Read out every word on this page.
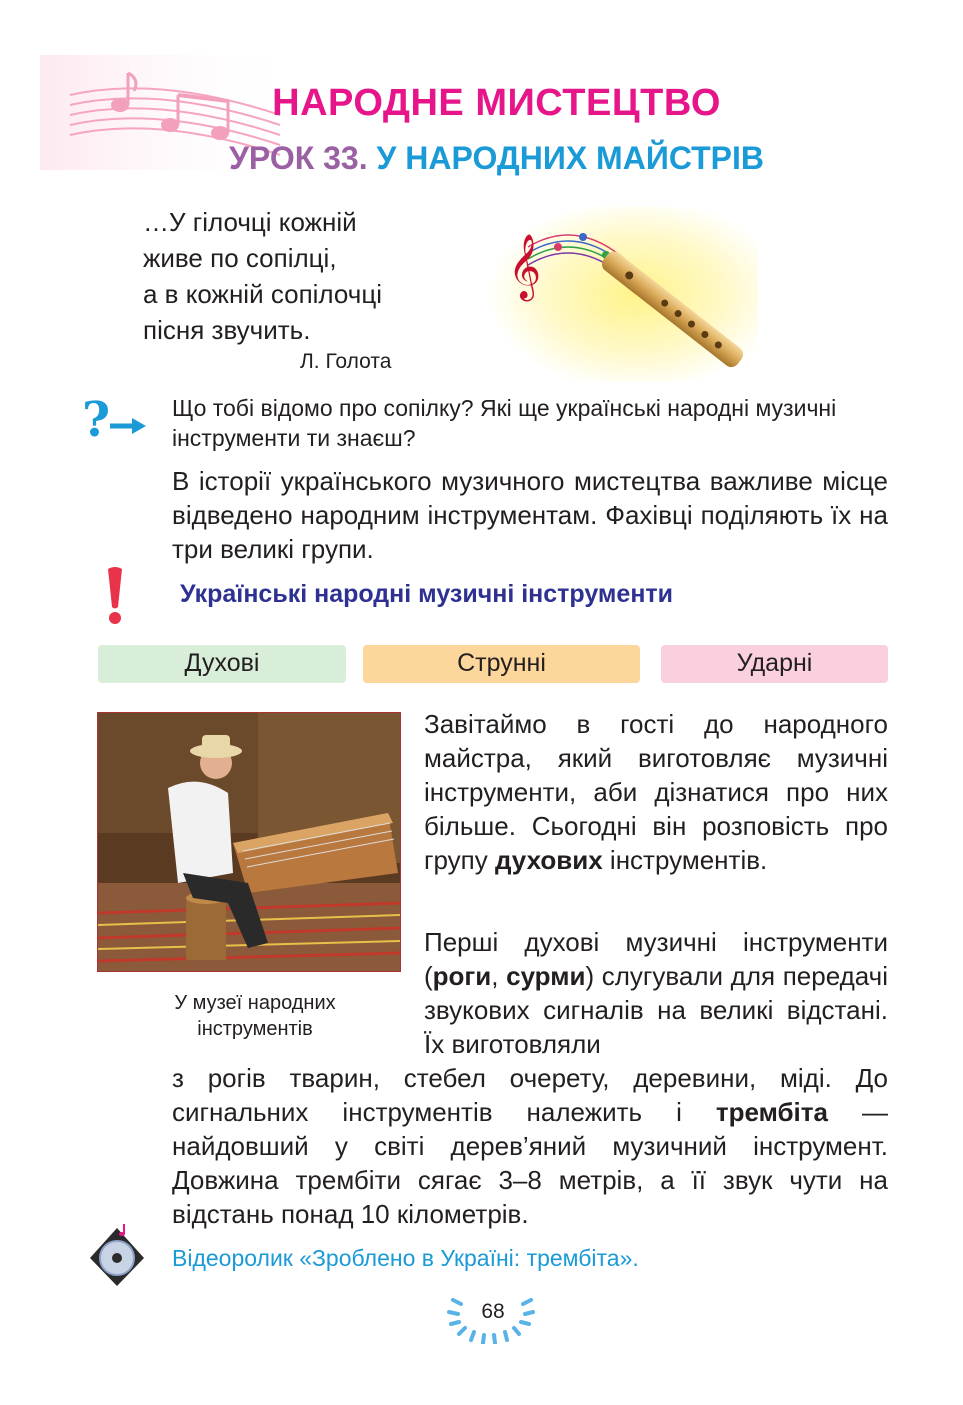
НАРОДНЕ МИСТЕЦТВО
УРОК 33. У НАРОДНИХ МАЙСТРІВ
…У гілочці кожній
живе по сопілці,
а в кожній сопілочці
пісня звучить.
Л. Голота
𝄞
?	Що тобі відомо про сопілку? Які ще українські народні музичні інструменти ти знаєш?
В історії українського музичного мистецтва важливе місце відведено народним інструментам. Фахівці поділяють їх на три великі групи.
Українські народні музичні інструменти
Духові	Струнні	Ударні
У музеї народних інструментів
Завітаймо в гості до народного майстра, який виготовляє музичні інструменти, аби дізнатися про них більше. Сьогодні він розповість про групу духових інструментів.
Перші духові музичні інструменти (роги, сурми) слугували для передачі звукових сигналів на великі відстані. Їх виготовляли
з рогів тварин, стебел очерету, деревини, міді. До сигнальних інструментів належить і трембіта — найдовший у світі дерев’яний музичний інструмент. Довжина трембіти сягає 3–8 метрів, а її звук чути на відстань понад 10 кілометрів.
Відеоролик «Зроблено в Україні: трембіта».
68
